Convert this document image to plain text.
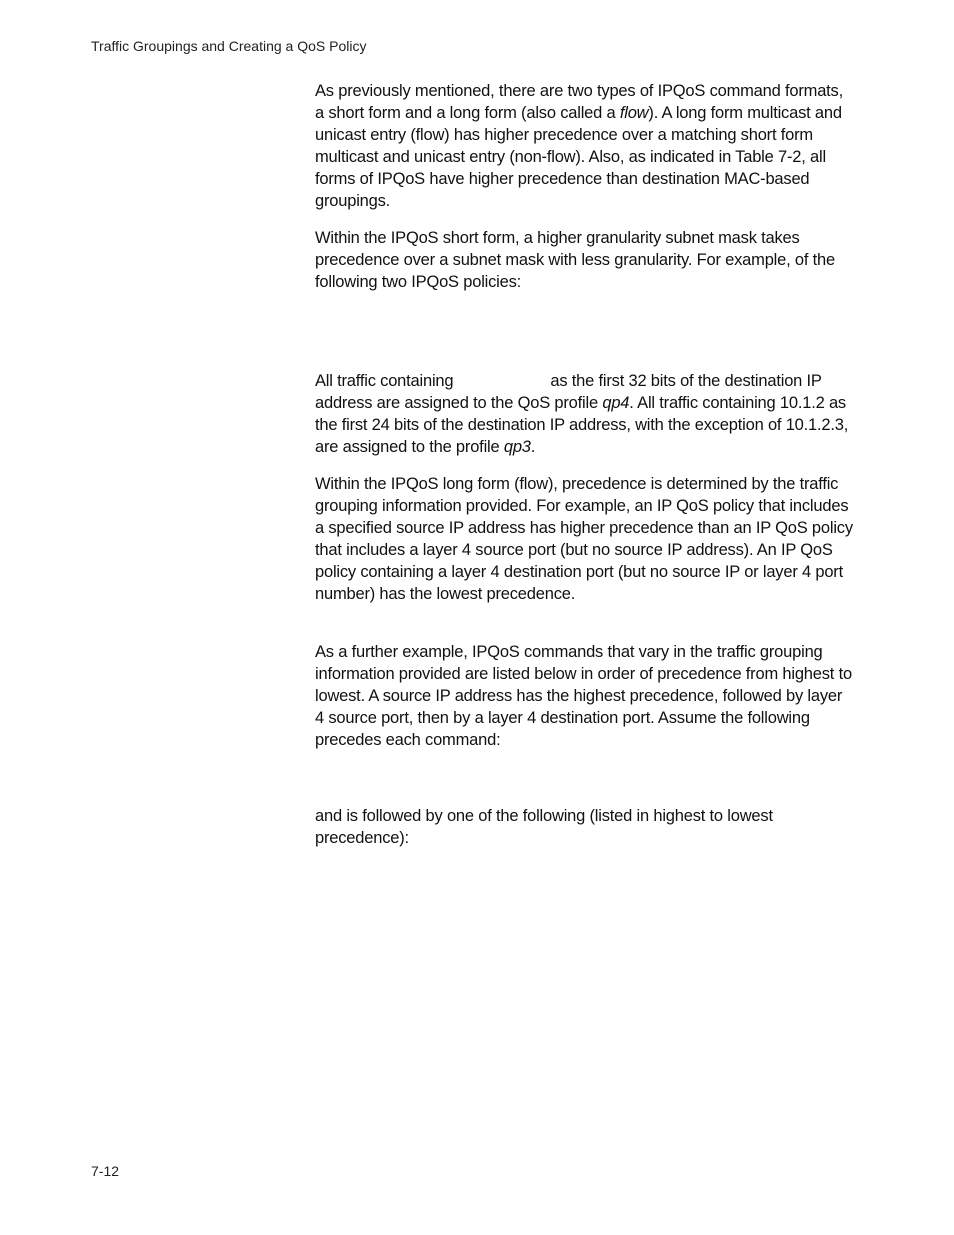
Traffic Groupings and Creating a QoS Policy

As previously mentioned, there are two types of IPQoS command formats, a short form and a long form (also called a flow). A long form multicast and unicast entry (flow) has higher precedence over a matching short form multicast and unicast entry (non-flow). Also, as indicated in Table 7-2, all forms of IPQoS have higher precedence than destination MAC-based groupings.

Within the IPQoS short form, a higher granularity subnet mask takes precedence over a subnet mask with less granularity. For example, of the following two IPQoS policies:

All traffic containing	as the first 32 bits of the destination IP address are assigned to the QoS profile qp4. All traffic containing 10.1.2 as the first 24 bits of the destination IP address, with the exception of 10.1.2.3, are assigned to the profile qp3.

Within the IPQoS long form (flow), precedence is determined by the traffic grouping information provided. For example, an IP QoS policy that includes a specified source IP address has higher precedence than an IP QoS policy that includes a layer 4 source port (but no source IP address). An IP QoS policy containing a layer 4 destination port (but no source IP or layer 4 port number) has the lowest precedence.

As a further example, IPQoS commands that vary in the traffic grouping information provided are listed below in order of precedence from highest to lowest. A source IP address has the highest precedence, followed by layer 4 source port, then by a layer 4 destination port. Assume the following precedes each command:

and is followed by one of the following (listed in highest to lowest precedence):

7-12
